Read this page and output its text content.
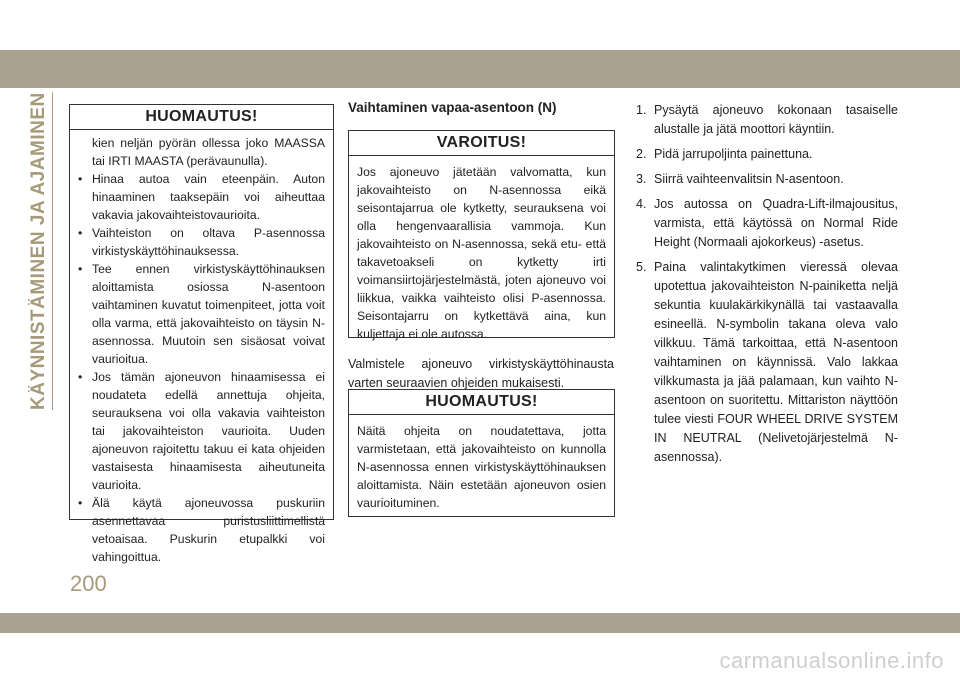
KÄYNNISTÄMINEN JA AJAMINEN	HUOMAUTUS!

kien neljän pyörän ollessa joko MAASSA tai IRTI MAASTA (perävaunulla).

• Hinaa autoa vain eteenpäin. Auton hinaaminen taaksepäin voi aiheuttaa vakavia jakovaihteistovaurioita.
• Vaihteiston on oltava P-asennossa virkistyskäyttöhinauksessa.
• Tee ennen virkistyskäyttöhinauksen aloittamista osiossa N-asentoon vaihtaminen kuvatut toimenpiteet, jotta voit olla varma, että jakovaihteisto on täysin N-asennossa. Muutoin sen sisäosat voivat vaurioitua.
• Jos tämän ajoneuvon hinaamisessa ei noudateta edellä annettuja ohjeita, seurauksena voi olla vakavia vaihteiston tai jakovaihteiston vaurioita. Uuden ajoneuvon rajoitettu takuu ei kata ohjeiden vastaisesta hinaamisesta aiheutuneita vaurioita.
• Älä käytä ajoneuvossa puskuriin asennettavaa puristusliittimellistä vetoaisaa. Puskurin etupalkki voi vahingoittua.
Vaihtaminen vapaa-asentoon (N)
VAROITUS!

Jos ajoneuvo jätetään valvomatta, kun jakovaihteisto on N-asennossa eikä seisontajarrua ole kytketty, seurauksena voi olla hengenvaarallisia vammoja. Kun jakovaihteisto on N-asennossa, sekä etu- että takavetoakseli on kytketty irti voimansiirtojärjestelmästä, joten ajoneuvo voi liikkua, vaikka vaihteisto olisi P-asennossa. Seisontajarru on kytkettävä aina, kun kuljettaja ei ole autossa.

Valmistele ajoneuvo virkistyskäyttöhinausta varten seuraavien ohjeiden mukaisesti.

HUOMAUTUS!

Näitä ohjeita on noudatettava, jotta varmistetaan, että jakovaihteisto on kunnolla N-asennossa ennen virkistyskäyttöhinauksen aloittamista. Näin estetään ajoneuvon osien vaurioituminen.

1. Pysäytä ajoneuvo kokonaan tasaiselle alustalle ja jätä moottori käyntiin.
2. Pidä jarrupoljinta painettuna.
3. Siirrä vaihteenvalitsin N-asentoon.
4. Jos autossa on Quadra-Lift-ilmajousitus, varmista, että käytössä on Normal Ride Height (Normaali ajokorkeus) -asetus.
5. Paina valintakytkimen vieressä olevaa upotettua jakovaihteiston N-painiketta neljä sekuntia kuulakärkikynällä tai vastaavalla esineellä. N-symbolin takana oleva valo vilkkuu. Tämä tarkoittaa, että N-asentoon vaihtaminen on käynnissä. Valo lakkaa vilkkumasta ja jää palamaan, kun vaihto N-asentoon on suoritettu. Mittariston näyttöön tulee viesti FOUR WHEEL DRIVE SYSTEM IN NEUTRAL (Nelivetojärjestelmä N-asennossa).
200
carmanualsonline.info
